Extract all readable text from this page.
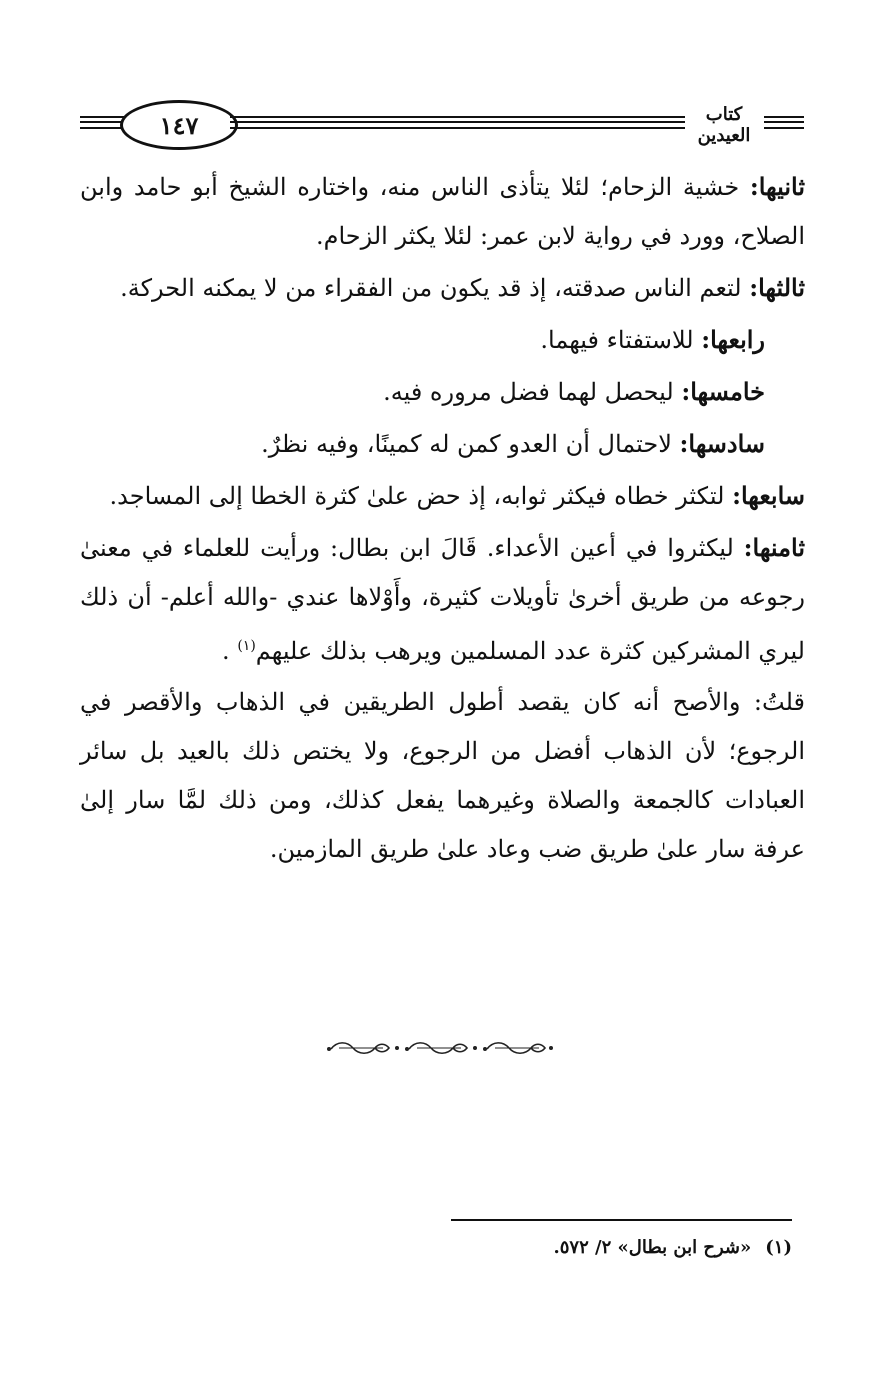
١٤٧	كتاب العيدين

ثانيها: خشية الزحام؛ لئلا يتأذى الناس منه، واختاره الشيخ أبو حامد وابن الصلاح، وورد في رواية لابن عمر: لئلا يكثر الزحام.

ثالثها: لتعم الناس صدقته، إذ قد يكون من الفقراء من لا يمكنه الحركة.

رابعها: للاستفتاء فيهما.

خامسها: ليحصل لهما فضل مروره فيه.

سادسها: لاحتمال أن العدو كمن له كمينًا، وفيه نظرٌ.

سابعها: لتكثر خطاه فيكثر ثوابه، إذ حض علىٰ كثرة الخطا إلى المساجد.

ثامنها: ليكثروا في أعين الأعداء. قَالَ ابن بطال: ورأيت للعلماء في معنىٰ رجوعه من طريق أخرىٰ تأويلات كثيرة، وأَوْلاها عندي -والله أعلم- أن ذلك ليري المشركين كثرة عدد المسلمين ويرهب بذلك عليهم$^{(١)}$ .

قلتُ: والأصح أنه كان يقصد أطول الطريقين في الذهاب والأقصر في الرجوع؛ لأن الذهاب أفضل من الرجوع، ولا يختص ذلك بالعيد بل سائر العبادات كالجمعة والصلاة وغيرهما يفعل كذلك، ومن ذلك لمَّا سار إلىٰ عرفة سار علىٰ طريق ضب وعاد علىٰ طريق المازمين.

(١)«شرح ابن بطال» ٢/ ٥٧٢.
